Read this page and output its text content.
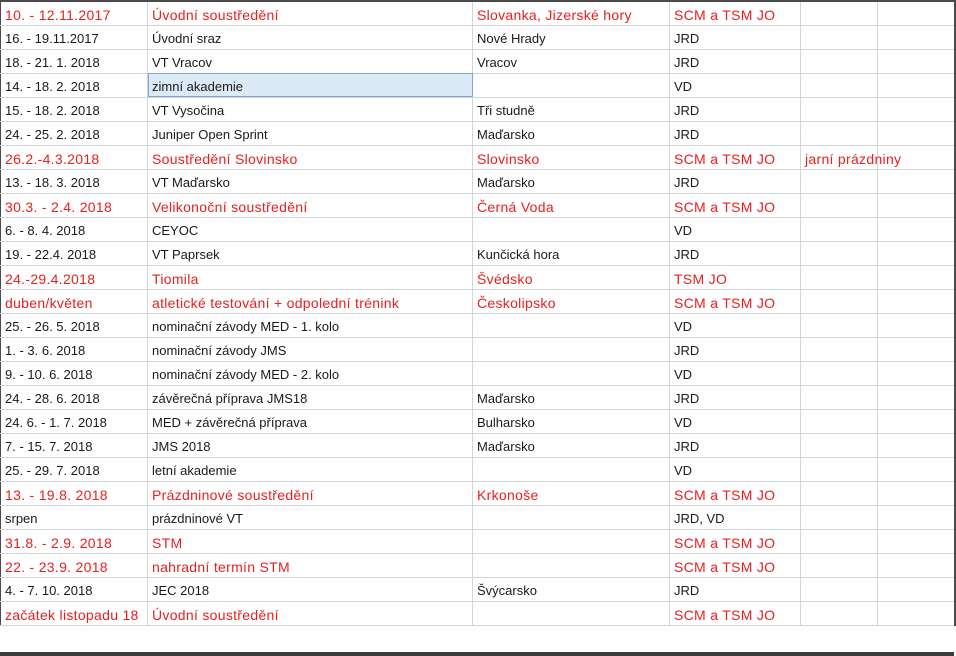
10. - 12.11.2017	Úvodní soustředění	Slovanka, Jizerské hory	SCM a TSM JO		
16. - 19.11.2017	Úvodní sraz	Nové Hrady	JRD		
18. - 21. 1. 2018	VT Vracov	Vracov	JRD		
14. - 18. 2. 2018	zimní akademie		VD		
15. - 18. 2. 2018	VT Vysočina	Tři studně	JRD		
24. - 25. 2. 2018	Juniper Open Sprint	Maďarsko	JRD		
26.2.-4.3.2018	Soustředění Slovinsko	Slovinsko	SCM a TSM JO	jarní prázdniny	
13. - 18. 3. 2018	VT Maďarsko	Maďarsko	JRD		
30.3. - 2.4. 2018	Velikonoční soustředění	Černá Voda	SCM a TSM JO		
6. - 8. 4. 2018	CEYOC		VD		
19. - 22.4. 2018	VT Paprsek	Kunčická hora	JRD		
24.-29.4.2018	Tiomila	Švédsko	TSM JO		
duben/květen	atletické testování + odpolední trénink	Českolipsko	SCM a TSM JO		
25. - 26. 5. 2018	nominační závody MED - 1. kolo		VD		
1. - 3. 6. 2018	nominační závody JMS		JRD		
9. - 10. 6. 2018	nominační závody MED - 2. kolo		VD		
24. - 28. 6. 2018	závěrečná příprava JMS18	Maďarsko	JRD		
24. 6. - 1. 7. 2018	MED + závěrečná příprava	Bulharsko	VD		
7. - 15. 7. 2018	JMS 2018	Maďarsko	JRD		
25. - 29. 7. 2018	letní akademie		VD		
13. - 19.8. 2018	Prázdninové soustředění	Krkonoše	SCM a TSM JO		
srpen	prázdninové VT		JRD, VD		
31.8. - 2.9. 2018	STM		SCM a TSM JO		
22. - 23.9. 2018	nahradní termín STM		SCM a TSM JO		
4. - 7. 10. 2018	JEC 2018	Švýcarsko	JRD		
začátek listopadu 18	Úvodní soustředění		SCM a TSM JO		
